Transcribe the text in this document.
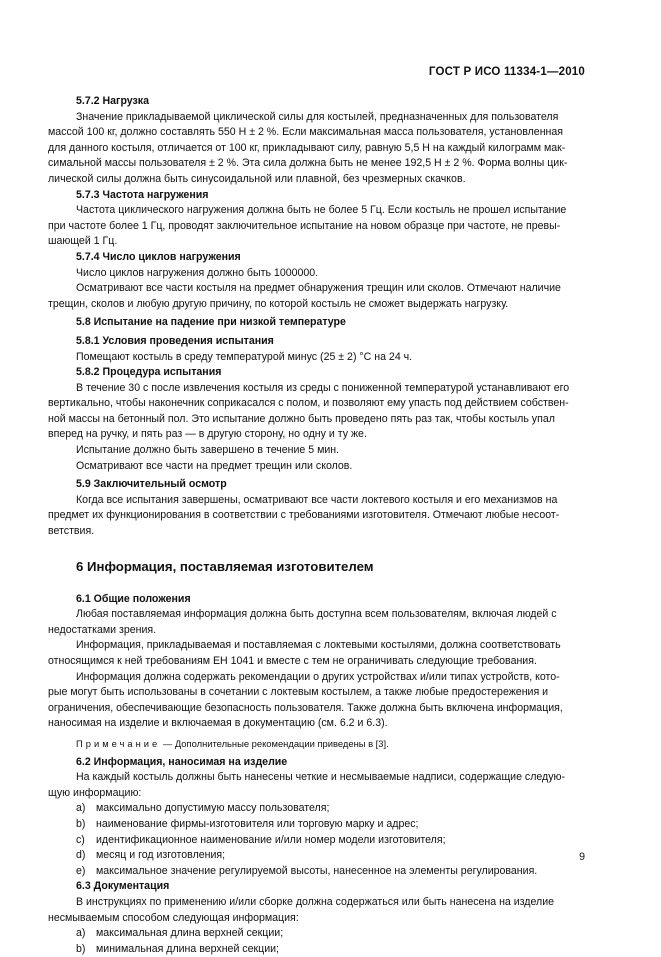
ГОСТ Р ИСО 11334-1—2010
5.7.2 Нагрузка
Значение прикладываемой циклической силы для костылей, предназначенных для пользователя
массой 100 кг, должно составлять 550 Н ± 2 %. Если максимальная масса пользователя, установленная
для данного костыля, отличается от 100 кг, прикладывают силу, равную 5,5 Н на каждый килограмм мак-
симальной массы пользователя ± 2 %. Эта сила должна быть не менее 192,5 Н ± 2 %. Форма волны цик-
лической силы должна быть синусоидальной или плавной, без чрезмерных скачков.
5.7.3 Частота нагружения
Частота циклического нагружения должна быть не более 5 Гц. Если костыль не прошел испытание
при частоте более 1 Гц, проводят заключительное испытание на новом образце при частоте, не превы-
шающей 1 Гц.
5.7.4 Число циклов нагружения
Число циклов нагружения должно быть 1000000.
Осматривают все части костыля на предмет обнаружения трещин или сколов. Отмечают наличие
трещин, сколов и любую другую причину, по которой костыль не сможет выдержать нагрузку.
5.8 Испытание на падение при низкой температуре
5.8.1 Условия проведения испытания
Помещают костыль в среду температурой минус (25 ± 2) °С на 24 ч.
5.8.2 Процедура испытания
В течение 30 с после извлечения костыля из среды с пониженной температурой устанавливают его
вертикально, чтобы наконечник соприкасался с полом, и позволяют ему упасть под действием собствен-
ной массы на бетонный пол. Это испытание должно быть проведено пять раз так, чтобы костыль упал
вперед на ручку, и пять раз — в другую сторону, но одну и ту же.
Испытание должно быть завершено в течение 5 мин.
Осматривают все части на предмет трещин или сколов.
5.9 Заключительный осмотр
Когда все испытания завершены, осматривают все части локтевого костыля и его механизмов на
предмет их функционирования в соответствии с требованиями изготовителя. Отмечают любые несоот-
ветствия.
6 Информация, поставляемая изготовителем
6.1 Общие положения
Любая поставляемая информация должна быть доступна всем пользователям, включая людей с
недостатками зрения.
Информация, прикладываемая и поставляемая с локтевыми костылями, должна соответствовать
относящимся к ней требованиям ЕН 1041 и вместе с тем не ограничивать следующие требования.
Информация должна содержать рекомендации о других устройствах и/или типах устройств, кото-
рые могут быть использованы в сочетании с локтевым костылем, а также любые предостережения и
ограничения, обеспечивающие безопасность пользователя. Также должна быть включена информация,
наносимая на изделие и включаемая в документацию (см. 6.2 и 6.3).
Примечание — Дополнительные рекомендации приведены в [3].
6.2 Информация, наносимая на изделие
На каждый костыль должны быть нанесены четкие и несмываемые надписи, содержащие следую-
щую информацию:
a) максимально допустимую массу пользователя;
b) наименование фирмы-изготовителя или торговую марку и адрес;
c)	идентификационное наименование и/или номер модели изготовителя;
d) месяц и год изготовления;
e) максимальное значение регулируемой высоты, нанесенное на элементы регулирования.
6.3 Документация
В инструкциях по применению и/или сборке должна содержаться или быть нанесена на изделие
несмываемым способом следующая информация:
a) максимальная длина верхней секции;
b) минимальная длина верхней секции;
9
